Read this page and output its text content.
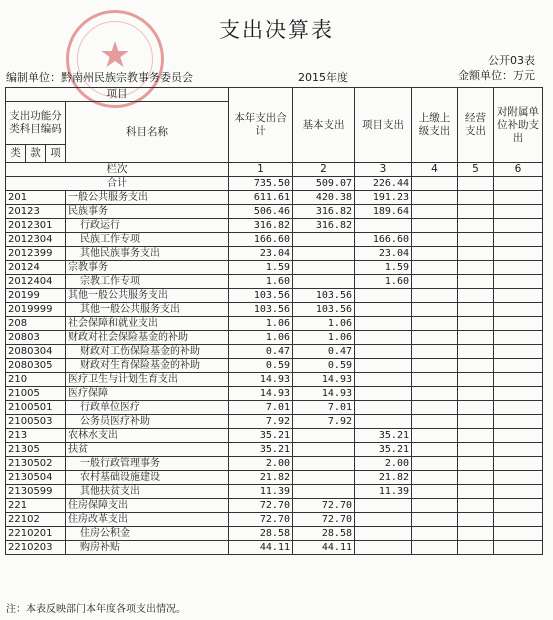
支出决算表
★	公开03表
金额单位：万元
编制单位：黔南州民族宗教事务委员会	2015年度
项目				本年支出合计	基本支出	项目支出	上缴上级支出	经营支出	对附属单位补助支出
支出功能分类科目编码			科目名称						
类	款	项							
栏次				1	2	3	4	5	6
合计				735.50	509.07	226.44			
201			一般公共服务支出	611.61	420.38	191.23			
20123			民族事务	506.46	316.82	189.64			
2012301			行政运行	316.82	316.82				
2012304			民族工作专项	166.60		166.60			
2012399			其他民族事务支出	23.04		23.04			
20124			宗教事务	1.59		1.59			
2012404			宗教工作专项	1.60		1.60			
20199			其他一般公共服务支出	103.56	103.56				
2019999			其他一般公共服务支出	103.56	103.56				
208			社会保障和就业支出	1.06	1.06				
20803			财政对社会保险基金的补助	1.06	1.06				
2080304			财政对工伤保险基金的补助	0.47	0.47				
2080305			财政对生育保险基金的补助	0.59	0.59				
210			医疗卫生与计划生育支出	14.93	14.93				
21005			医疗保障	14.93	14.93				
2100501			行政单位医疗	7.01	7.01				
2100503			公务员医疗补助	7.92	7.92				
213			农林水支出	35.21		35.21			
21305			扶贫	35.21		35.21			
2130502			一般行政管理事务	2.00		2.00			
2130504			农村基础设施建设	21.82		21.82			
2130599			其他扶贫支出	11.39		11.39			
221			住房保障支出	72.70	72.70				
22102			住房改革支出	72.70	72.70				
2210201			住房公积金	28.58	28.58				
2210203			购房补贴	44.11	44.11				
注：本表反映部门本年度各项支出情况。
